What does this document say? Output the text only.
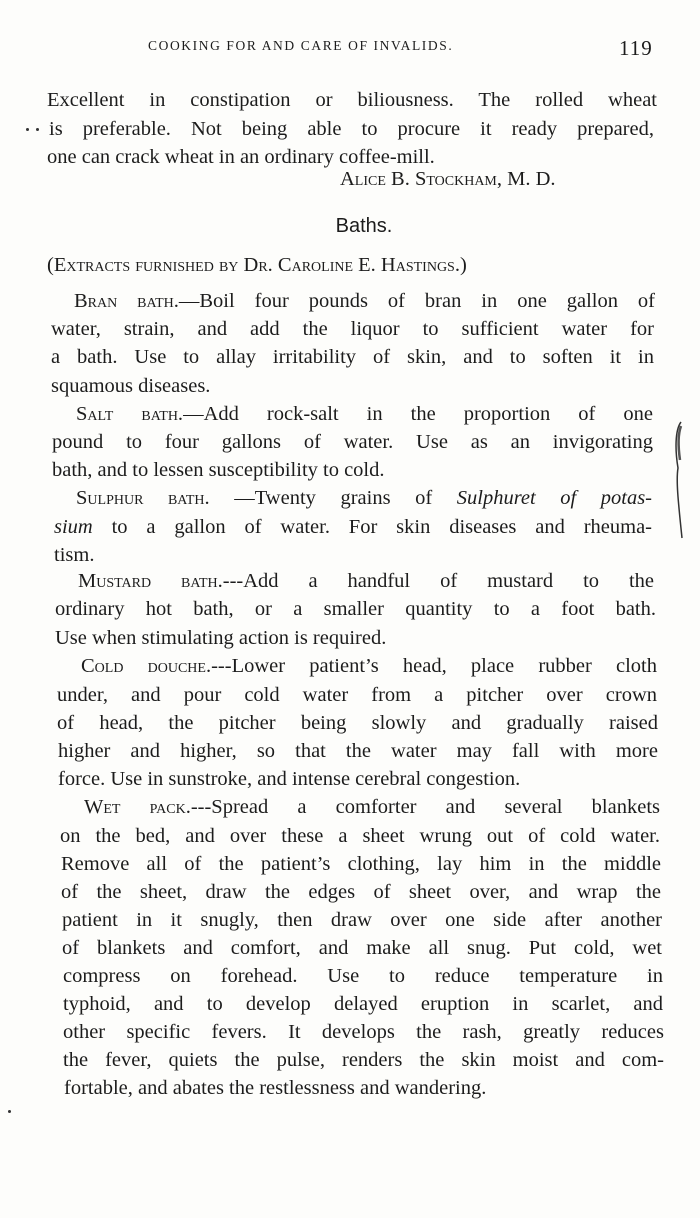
COOKING FOR AND CARE OF INVALIDS.	119
Excellent in constipation or biliousness. The rolled wheat
is preferable. Not being able to procure it ready prepared,
one can crack wheat in an ordinary coffee-mill.
Alice B. Stockham, M. D.
Baths.
(Extracts furnished by Dr. Caroline E. Hastings.)
Bran bath.—Boil four pounds of bran in one gallon of
water, strain, and add the liquor to sufficient water for
a bath. Use to allay irritability of skin, and to soften it in
squamous diseases.
Salt bath.—Add rock-salt in the proportion of one
pound to four gallons of water. Use as an invigorating
bath, and to lessen susceptibility to cold.
Sulphur bath. —Twenty grains of Sulphuret of potas-
sium to a gallon of water. For skin diseases and rheuma-
tism.
Mustard bath.---Add a handful of mustard to the
ordinary hot bath, or a smaller quantity to a foot bath.
Use when stimulating action is required.
Cold douche.---Lower patient’s head, place rubber cloth
under, and pour cold water from a pitcher over crown
of head, the pitcher being slowly and gradually raised
higher and higher, so that the water may fall with more
force. Use in sunstroke, and intense cerebral congestion.
Wet pack.---Spread a comforter and several blankets
on the bed, and over these a sheet wrung out of cold water.
Remove all of the patient’s clothing, lay him in the middle
of the sheet, draw the edges of sheet over, and wrap the
patient in it snugly, then draw over one side after another
of blankets and comfort, and make all snug. Put cold, wet
compress on forehead. Use to reduce temperature in
typhoid, and to develop delayed eruption in scarlet, and
other specific fevers. It develops the rash, greatly reduces
the fever, quiets the pulse, renders the skin moist and com-
fortable, and abates the restlessness and wandering.
